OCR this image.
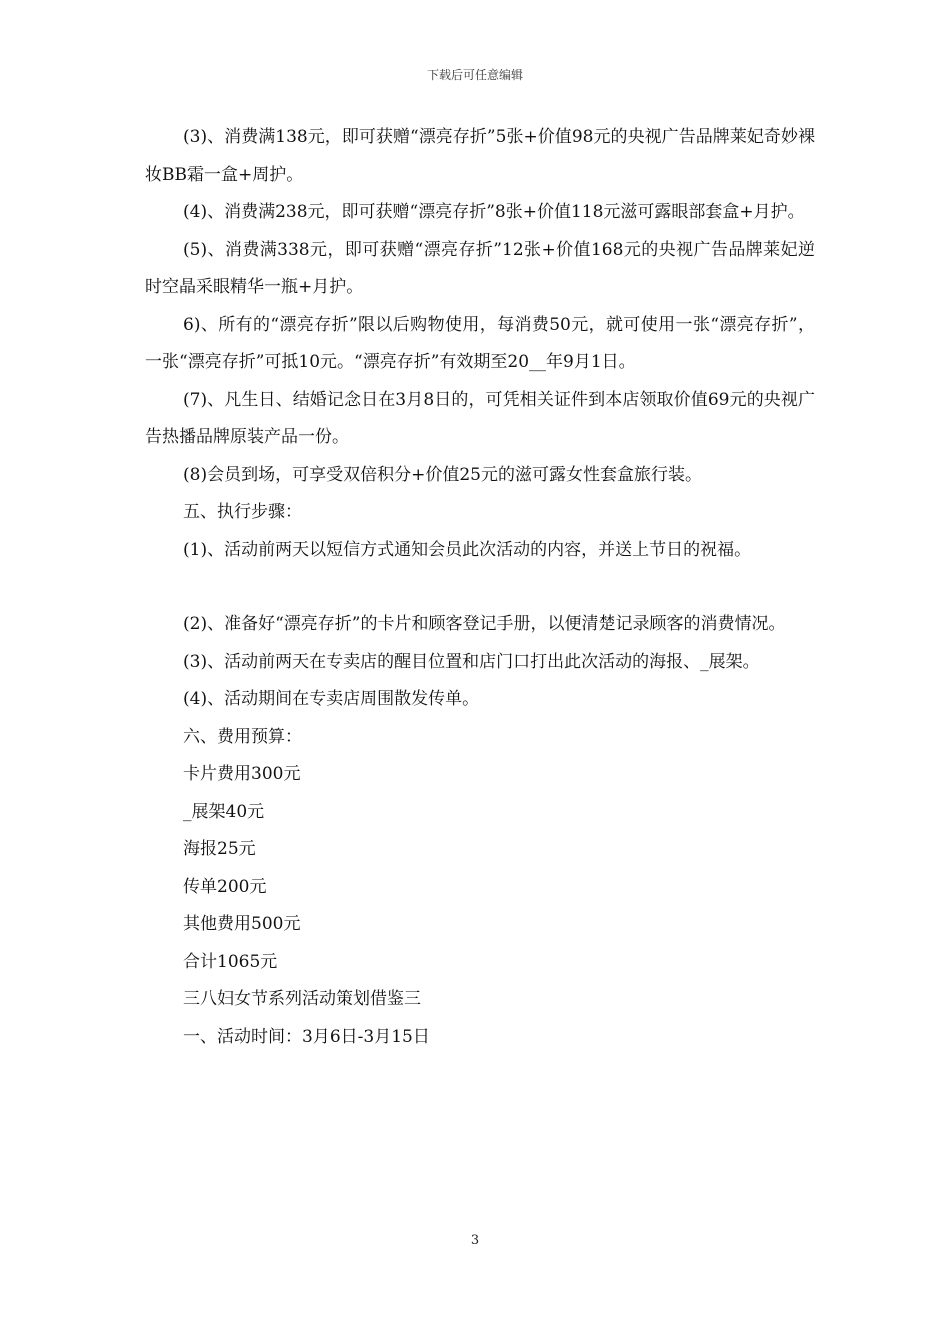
下载后可任意编辑

(3)、消费满138元，即可获赠“漂亮存折”5张+价值98元的央视广告品牌莱妃奇妙裸妆BB霜一盒+周护。

(4)、消费满238元，即可获赠“漂亮存折”8张+价值118元滋可露眼部套盒+月护。

(5)、消费满338元，即可获赠“漂亮存折”12张+价值168元的央视广告品牌莱妃逆时空晶采眼精华一瓶+月护。

6)、所有的“漂亮存折”限以后购物使用，每消费50元，就可使用一张“漂亮存折”，一张“漂亮存折”可抵10元。“漂亮存折”有效期至20__年9月1日。

(7)、凡生日、结婚记念日在3月8日的，可凭相关证件到本店领取价值69元的央视广告热播品牌原装产品一份。

(8)会员到场，可享受双倍积分+价值25元的滋可露女性套盒旅行装。

五、执行步骤：

(1)、活动前两天以短信方式通知会员此次活动的内容，并送上节日的祝福。

(2)、准备好“漂亮存折”的卡片和顾客登记手册，以便清楚记录顾客的消费情况。

(3)、活动前两天在专卖店的醒目位置和店门口打出此次活动的海报、_展架。

(4)、活动期间在专卖店周围散发传单。

六、费用预算：

卡片费用300元

_展架40元

海报25元

传单200元

其他费用500元

合计1065元

三八妇女节系列活动策划借鉴三

一、活动时间：3月6日-3月15日

3
